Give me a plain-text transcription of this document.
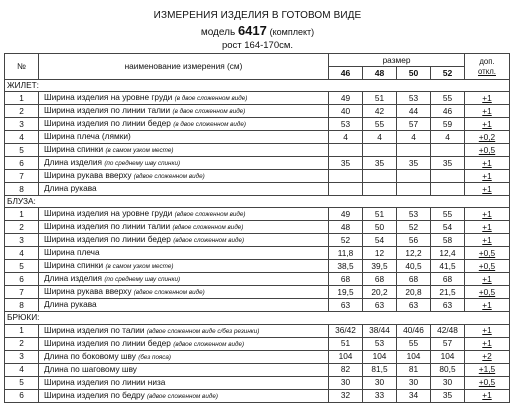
ИЗМЕРЕНИЯ ИЗДЕЛИЯ В ГОТОВОМ ВИДЕ
модель 6417 (комплект)
рост 164-170см.
№	наименование измерения (см)	размер				доп.
откл.

		46	48	50	52	
ЖИЛЕТ:						
1	Ширина изделия на уровне груди (в двое сложенном виде)	49	51	53	55	+1
2	Ширина изделия по линии талии (в двое сложенном виде)	40	42	44	46	+1
3	Ширина изделия по линии бедер (в двое сложенном виде)	53	55	57	59	+1
4	Ширина плеча (лямки)	4	4	4	4	+0,2
5	Ширина спинки (в самом узком месте)					+0,5
6	Длина изделия (по среднему шву спинки)	35	35	35	35	+1
7	Ширина рукава вверху (вдвое сложенном виде)					+1
8	Длина рукава					+1
БЛУЗА:						
1	Ширина изделия на уровне груди (вдвое сложенном виде)	49	51	53	55	+1
2	Ширина изделия по линии талии (вдвое сложенном виде)	48	50	52	54	+1
3	Ширина изделия по линии бедер (вдвое сложенном виде)	52	54	56	58	+1
4	Ширина плеча	11,8	12	12,2	12,4	+0,5
5	Ширина спинки (в самом узком месте)	38,5	39,5	40,5	41,5	+0,5
6	Длина изделия (по среднему шву спинки)	68	68	68	68	+1
7	Ширина рукава вверху (вдвое сложенном виде)	19,5	20,2	20,8	21,5	+0,5
8	Длина рукава	63	63	63	63	+1
БРЮКИ:						
1	Ширина изделия по талии (вдвое сложенном виде с/без резинки)	36/42	38/44	40/46	42/48	+1
2	Ширина изделия по линии бедер (вдвое сложенном виде)	51	53	55	57	+1
3	Длина по боковому шву (без пояса)	104	104	104	104	+2
4	Длина по шаговому шву	82	81,5	81	80,5	+1,5
5	Ширина изделия по линии низа	30	30	30	30	+0,5
6	Ширина изделия по бедру (вдвое сложенном виде)	32	33	34	35	+1
